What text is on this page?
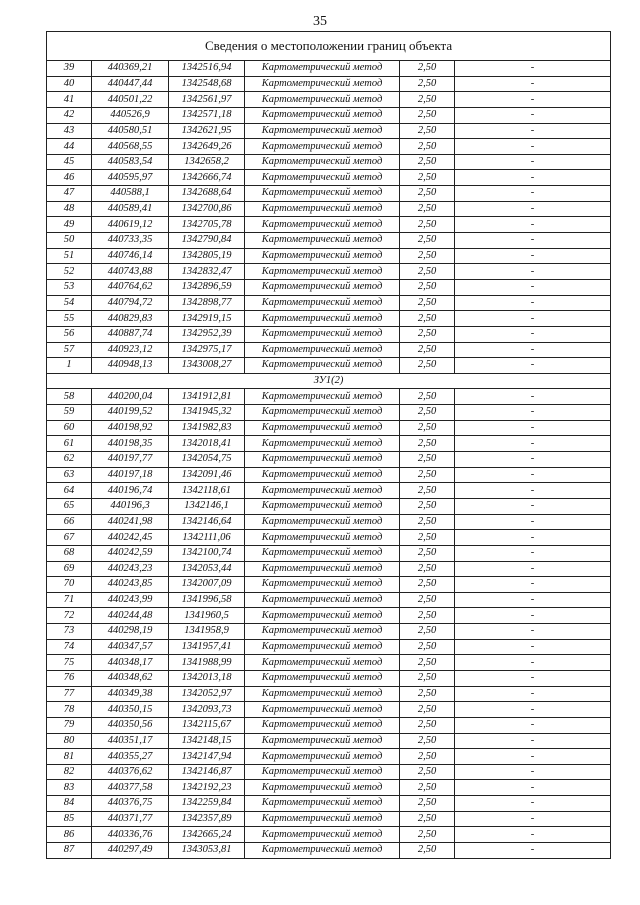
35
Сведения о местоположении границ объекта					
39	440369,21	1342516,94	Картометрический метод	2,50	-
40	440447,44	1342548,68	Картометрический метод	2,50	-
41	440501,22	1342561,97	Картометрический метод	2,50	-
42	440526,9	1342571,18	Картометрический метод	2,50	-
43	440580,51	1342621,95	Картометрический метод	2,50	-
44	440568,55	1342649,26	Картометрический метод	2,50	-
45	440583,54	1342658,2	Картометрический метод	2,50	-
46	440595,97	1342666,74	Картометрический метод	2,50	-
47	440588,1	1342688,64	Картометрический метод	2,50	-
48	440589,41	1342700,86	Картометрический метод	2,50	-
49	440619,12	1342705,78	Картометрический метод	2,50	-
50	440733,35	1342790,84	Картометрический метод	2,50	-
51	440746,14	1342805,19	Картометрический метод	2,50	-
52	440743,88	1342832,47	Картометрический метод	2,50	-
53	440764,62	1342896,59	Картометрический метод	2,50	-
54	440794,72	1342898,77	Картометрический метод	2,50	-
55	440829,83	1342919,15	Картометрический метод	2,50	-
56	440887,74	1342952,39	Картометрический метод	2,50	-
57	440923,12	1342975,17	Картометрический метод	2,50	-
1	440948,13	1343008,27	Картометрический метод	2,50	-
ЗУ1(2)					
58	440200,04	1341912,81	Картометрический метод	2,50	-
59	440199,52	1341945,32	Картометрический метод	2,50	-
60	440198,92	1341982,83	Картометрический метод	2,50	-
61	440198,35	1342018,41	Картометрический метод	2,50	-
62	440197,77	1342054,75	Картометрический метод	2,50	-
63	440197,18	1342091,46	Картометрический метод	2,50	-
64	440196,74	1342118,61	Картометрический метод	2,50	-
65	440196,3	1342146,1	Картометрический метод	2,50	-
66	440241,98	1342146,64	Картометрический метод	2,50	-
67	440242,45	1342111,06	Картометрический метод	2,50	-
68	440242,59	1342100,74	Картометрический метод	2,50	-
69	440243,23	1342053,44	Картометрический метод	2,50	-
70	440243,85	1342007,09	Картометрический метод	2,50	-
71	440243,99	1341996,58	Картометрический метод	2,50	-
72	440244,48	1341960,5	Картометрический метод	2,50	-
73	440298,19	1341958,9	Картометрический метод	2,50	-
74	440347,57	1341957,41	Картометрический метод	2,50	-
75	440348,17	1341988,99	Картометрический метод	2,50	-
76	440348,62	1342013,18	Картометрический метод	2,50	-
77	440349,38	1342052,97	Картометрический метод	2,50	-
78	440350,15	1342093,73	Картометрический метод	2,50	-
79	440350,56	1342115,67	Картометрический метод	2,50	-
80	440351,17	1342148,15	Картометрический метод	2,50	-
81	440355,27	1342147,94	Картометрический метод	2,50	-
82	440376,62	1342146,87	Картометрический метод	2,50	-
83	440377,58	1342192,23	Картометрический метод	2,50	-
84	440376,75	1342259,84	Картометрический метод	2,50	-
85	440371,77	1342357,89	Картометрический метод	2,50	-
86	440336,76	1342665,24	Картометрический метод	2,50	-
87	440297,49	1343053,81	Картометрический метод	2,50	-
